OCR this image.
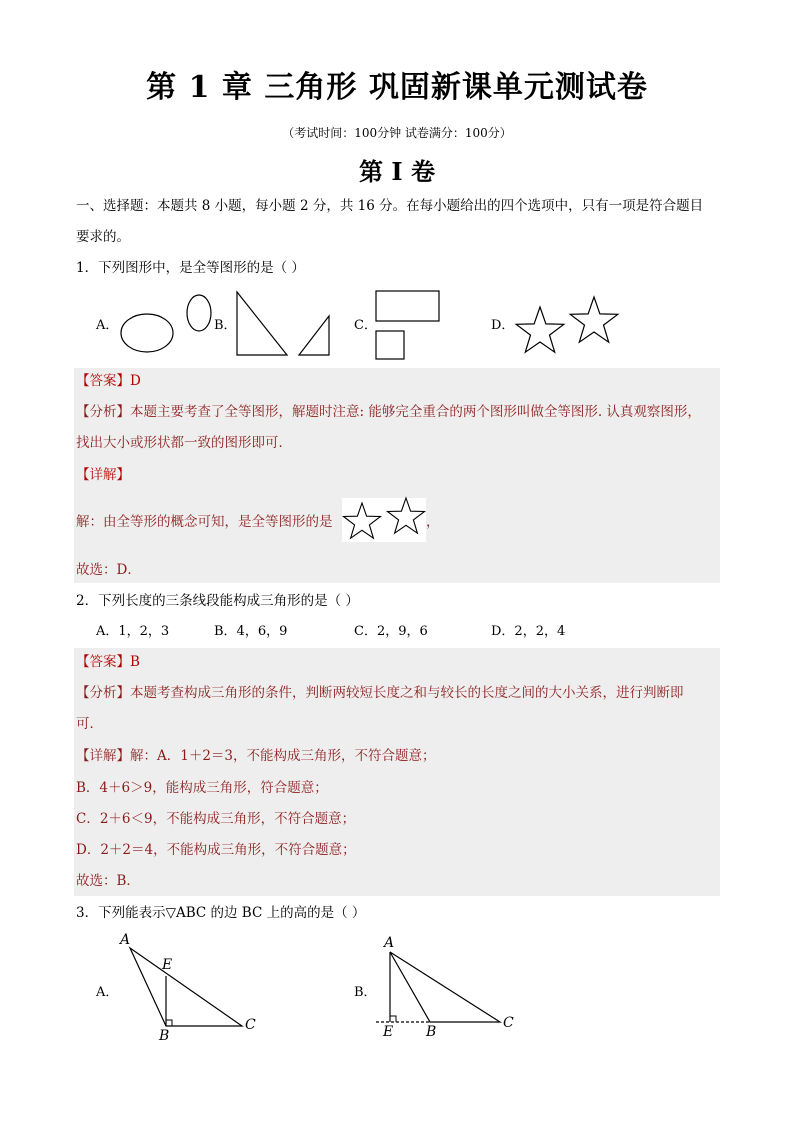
第 1 章 三角形 巩固新课单元测试卷
（考试时间：100分钟 试卷满分：100分）
第 I 卷
一、选择题：本题共 8 小题，每小题 2 分，共 16 分。在每小题给出的四个选项中，只有一项是符合题目
要求的。
1．下列图形中，是全等图形的是（ ）
A．	B．	C．	D．
【答案】D
【分析】本题主要考查了全等图形，解题时注意: 能够完全重合的两个图形叫做全等图形. 认真观察图形，
找出大小或形状都一致的图形即可．
【详解】
解：由全等形的概念可知，是全等图形的是	，
故选：D．
2．下列长度的三条线段能构成三角形的是（ ）
A．1，2，3	B．4，6，9	C．2，9，6	D．2，2，4
【答案】B
【分析】本题考查构成三角形的条件，判断两较短长度之和与较长的长度之间的大小关系，进行判断即
可．
【详解】解：A．1＋2＝3，不能构成三角形，不符合题意；
B．4＋6＞9，能构成三角形，符合题意；
C．2＋6＜9，不能构成三角形，不符合题意；
D．2＋2＝4，不能构成三角形，不符合题意；
故选：B．
3．下列能表示▽ABC 的边 BC 上的高的是（ ）
A．	B．
A
E
B
C
A
E B
C
